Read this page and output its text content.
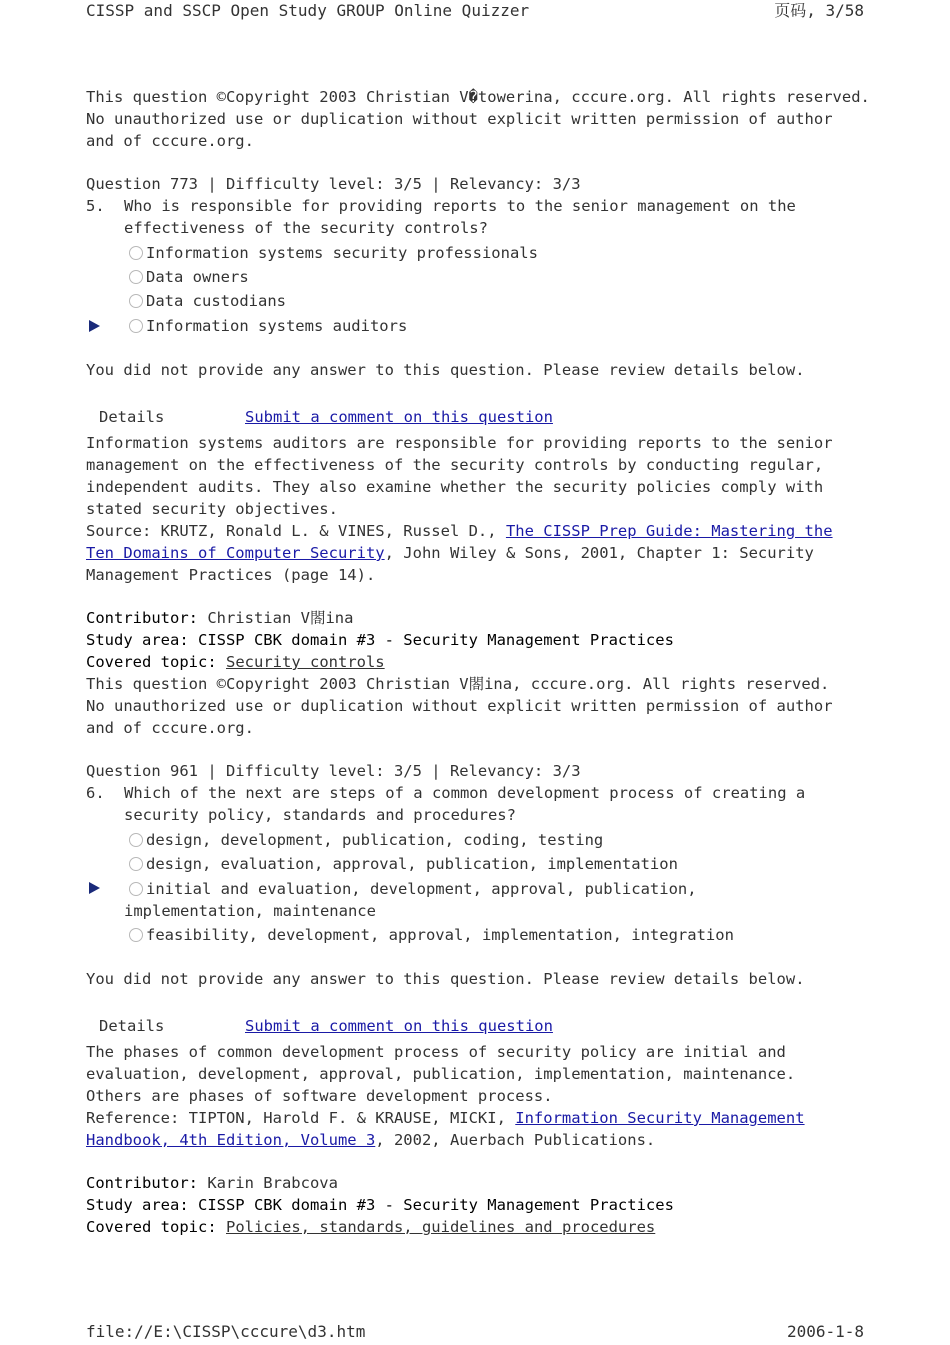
CISSP and SSCP Open Study GROUP Online Quizzer	页码, 3/58
This question ©Copyright 2003 Christian V�towerina, cccure.org. All rights reserved.
No unauthorized use or duplication without explicit written permission of author
and of cccure.org.
Question 773 | Difficulty level: 3/5 | Relevancy: 3/3
5. Who is responsible for providing reports to the senior management on the
effectiveness of the security controls?
Information systems security professionals
Data owners
Data custodians
Information systems auditors
You did not provide any answer to this question. Please review details below.
Details	Submit a comment on this question
Information systems auditors are responsible for providing reports to the senior
management on the effectiveness of the security controls by conducting regular,
independent audits. They also examine whether the security policies comply with
stated security objectives.
Source: KRUTZ, Ronald L. & VINES, Russel D., The CISSP Prep Guide: Mastering the
Ten Domains of Computer Security, John Wiley & Sons, 2001, Chapter 1: Security
Management Practices (page 14).
Contributor: Christian V閤ina
Study area: CISSP CBK domain #3 - Security Management Practices
Covered topic: Security controls
This question ©Copyright 2003 Christian V閤ina, cccure.org. All rights reserved.
No unauthorized use or duplication without explicit written permission of author
and of cccure.org.
Question 961 | Difficulty level: 3/5 | Relevancy: 3/3
6. Which of the next are steps of a common development process of creating a
security policy, standards and procedures?
design, development, publication, coding, testing
design, evaluation, approval, publication, implementation
initial and evaluation, development, approval, publication,
implementation, maintenance
feasibility, development, approval, implementation, integration
You did not provide any answer to this question. Please review details below.
Details	Submit a comment on this question
The phases of common development process of security policy are initial and
evaluation, development, approval, publication, implementation, maintenance.
Others are phases of software development process.
Reference: TIPTON, Harold F. & KRAUSE, MICKI, Information Security Management
Handbook, 4th Edition, Volume 3, 2002, Auerbach Publications.
Contributor: Karin Brabcova
Study area: CISSP CBK domain #3 - Security Management Practices
Covered topic: Policies, standards, guidelines and procedures
file://E:\CISSP\cccure\d3.htm	2006-1-8
